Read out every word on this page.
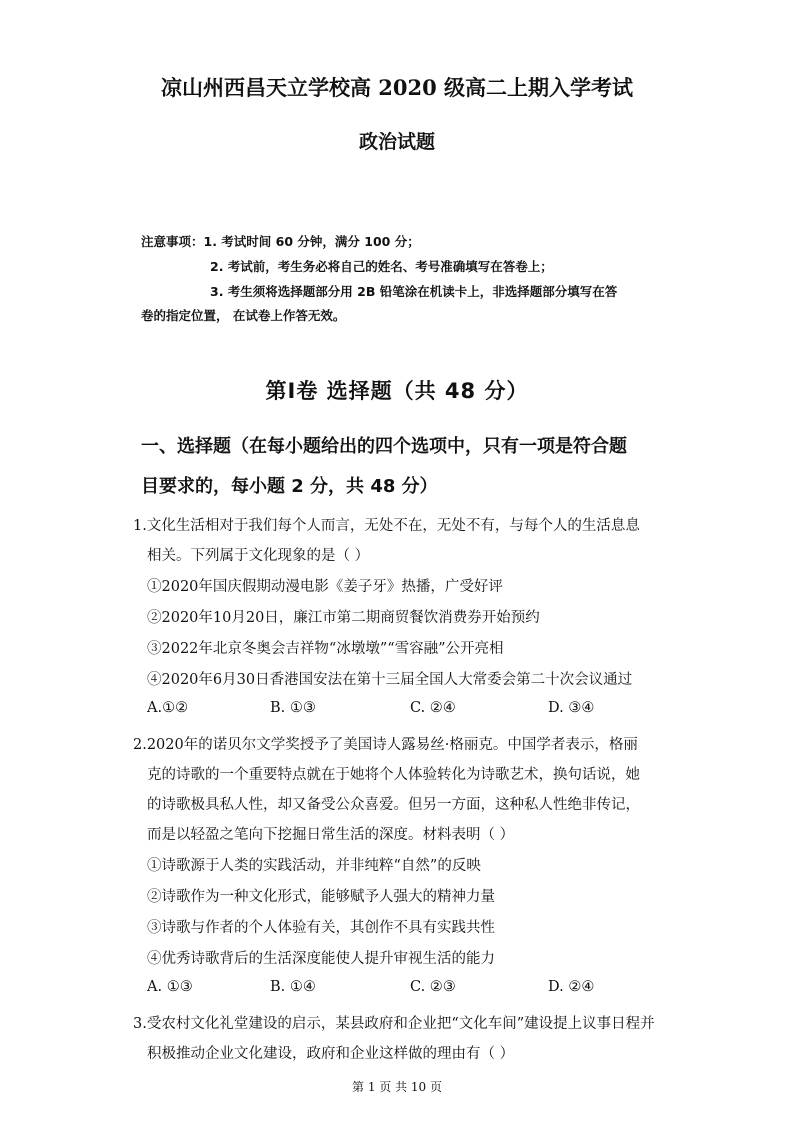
凉山州西昌天立学校高 2020 级高二上期入学考试
政治试题
注意事项：1. 考试时间 60 分钟，满分 100 分；
2. 考试前，考生务必将自己的姓名、考号准确填写在答卷上；
3. 考生须将选择题部分用 2B 铅笔涂在机读卡上，非选择题部分填写在答
卷的指定位置， 在试卷上作答无效。
第Ⅰ卷 选择题（共 48 分）
一、选择题（在每小题给出的四个选项中，只有一项是符合题
目要求的，每小题 2 分，共 48 分）
1.文化生活相对于我们每个人而言，无处不在，无处不有，与每个人的生活息息
相关。下列属于文化现象的是（ ）
①2020年国庆假期动漫电影《姜子牙》热播，广受好评
②2020年10月20日，廉江市第二期商贸餐饮消费券开始预约
③2022年北京冬奥会吉祥物“冰墩墩”“雪容融”公开亮相
④2020年6月30日香港国安法在第十三届全国人大常委会第二十次会议通过
A.①②	B. ①③	C. ②④	D. ③④
2.2020年的诺贝尔文学奖授予了美国诗人露易丝·格丽克。中国学者表示，格丽
克的诗歌的一个重要特点就在于她将个人体验转化为诗歌艺术，换句话说，她
的诗歌极具私人性，却又备受公众喜爱。但另一方面，这种私人性绝非传记，
而是以轻盈之笔向下挖掘日常生活的深度。材料表明（ ）
①诗歌源于人类的实践活动，并非纯粹“自然”的反映
②诗歌作为一种文化形式，能够赋予人强大的精神力量
③诗歌与作者的个人体验有关，其创作不具有实践共性
④优秀诗歌背后的生活深度能使人提升审视生活的能力
A. ①③	B. ①④	C. ②③	D. ②④
3.受农村文化礼堂建设的启示，某县政府和企业把“文化车间”建设提上议事日程并
积极推动企业文化建设，政府和企业这样做的理由有（ ）
第 1 页 共 10 页
